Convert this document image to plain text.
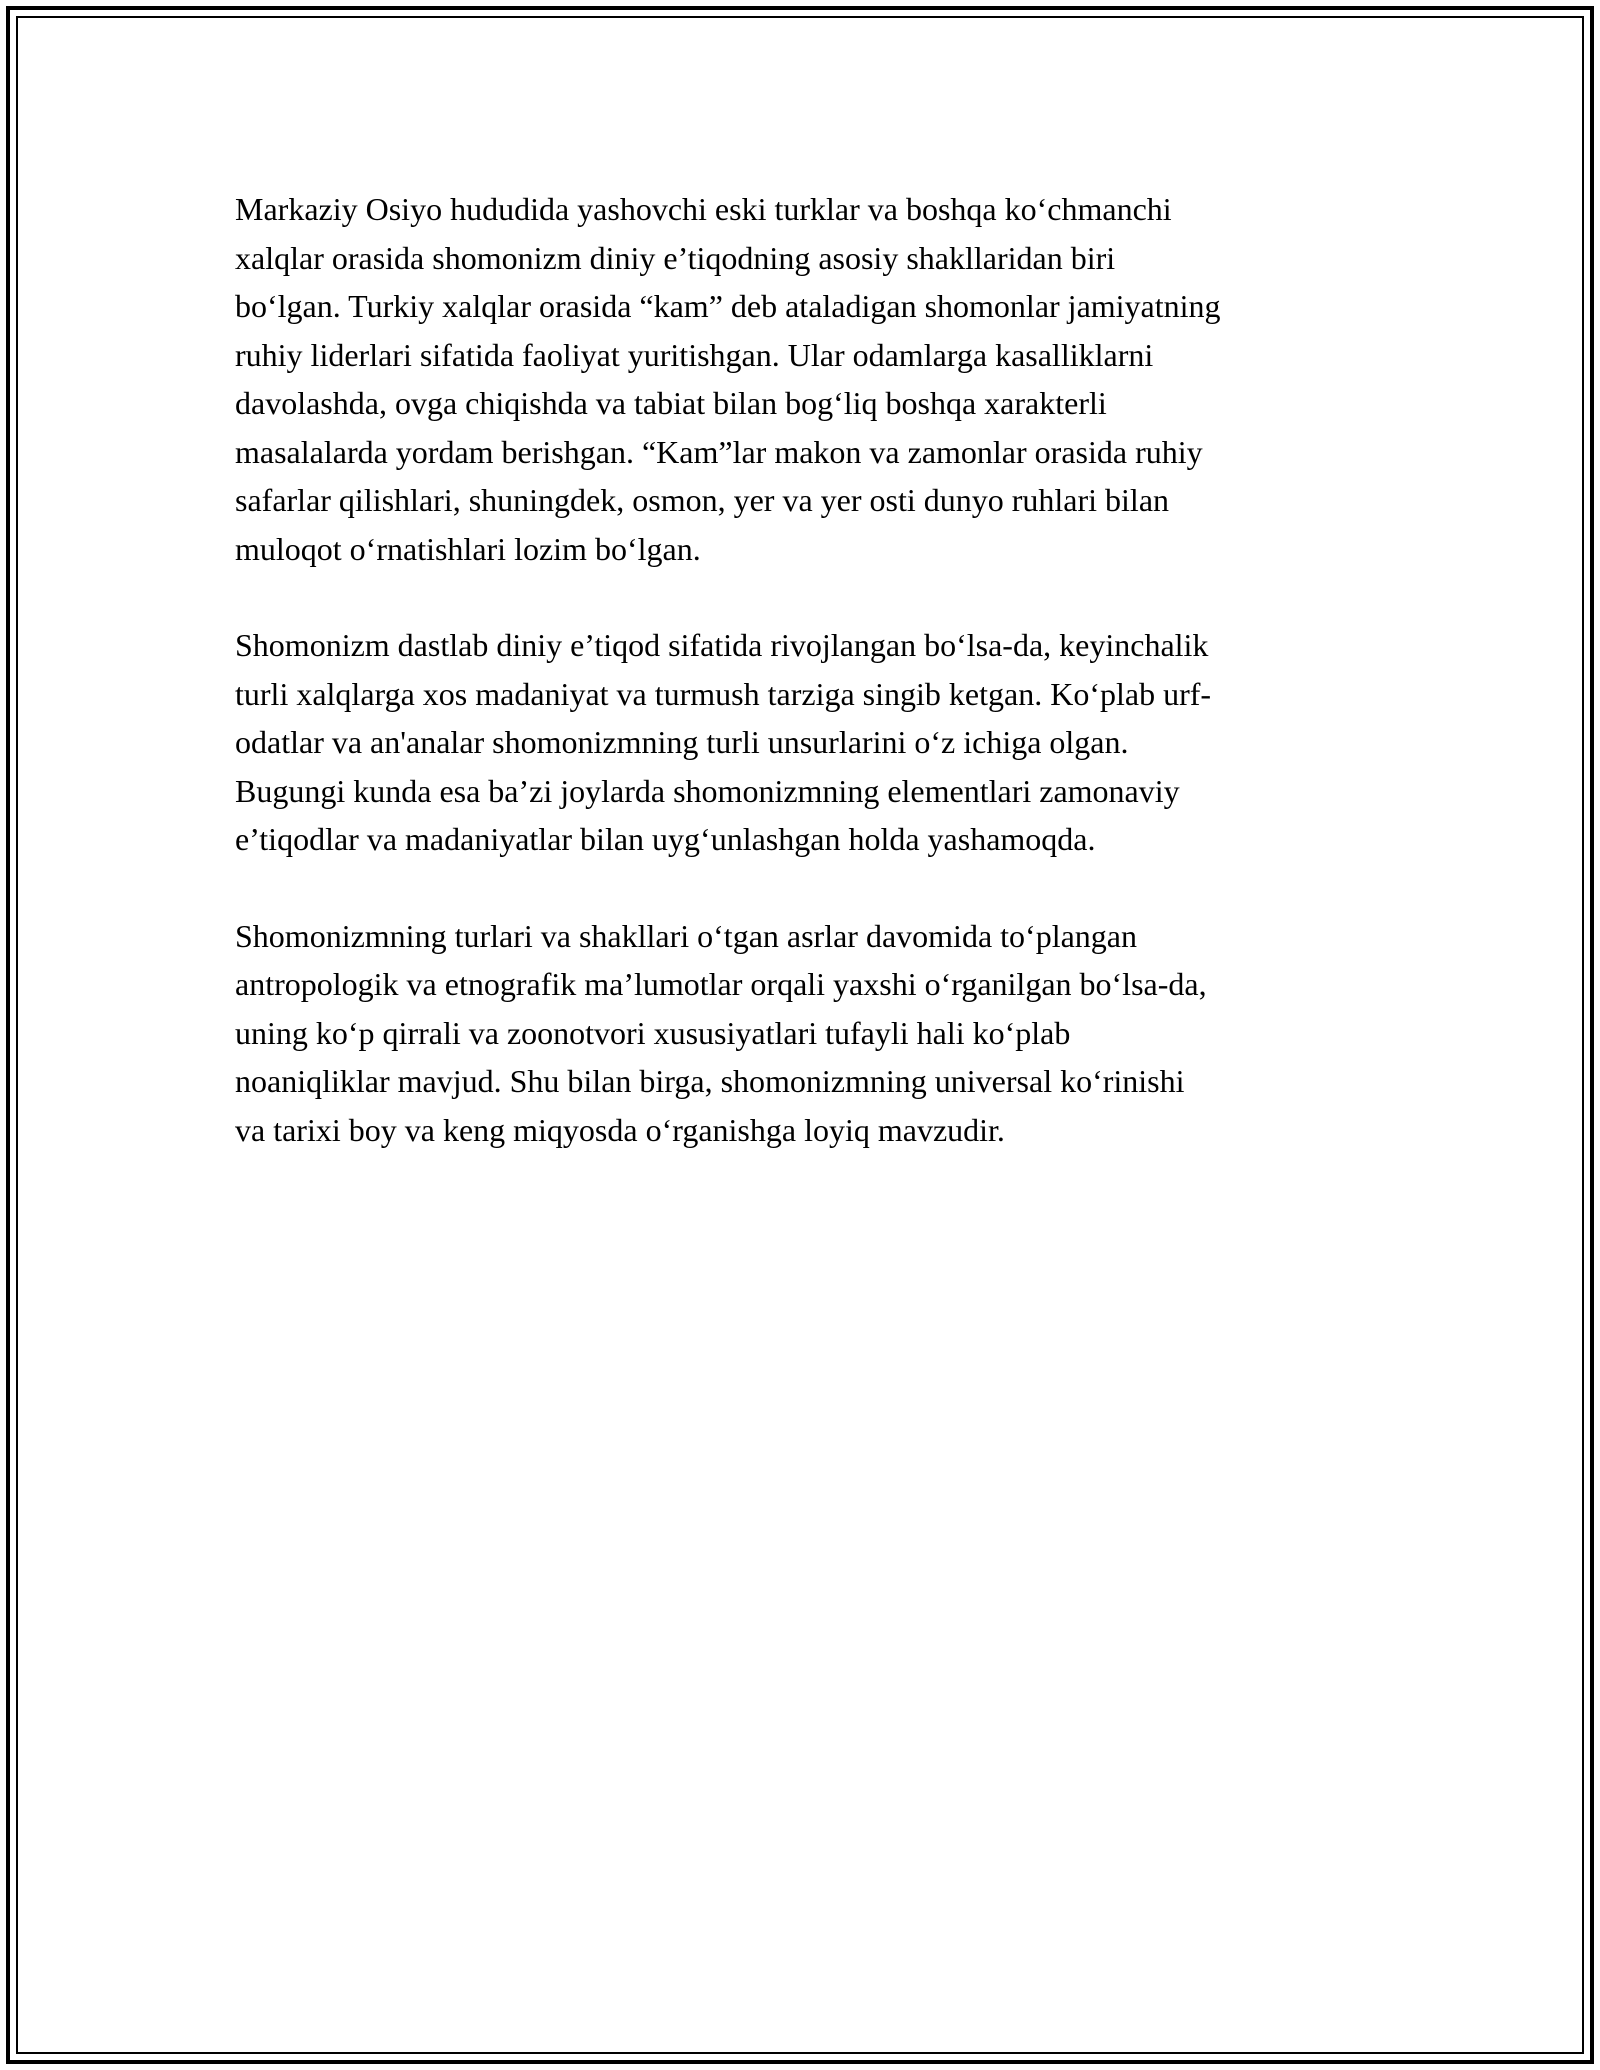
Markaziy Osiyo hududida yashovchi eski turklar va boshqa ko‘chmanchi
xalqlar orasida shomonizm diniy e’tiqodning asosiy shakllaridan biri
bo‘lgan. Turkiy xalqlar orasida “kam” deb ataladigan shomonlar jamiyatning
ruhiy liderlari sifatida faoliyat yuritishgan. Ular odamlarga kasalliklarni
davolashda, ovga chiqishda va tabiat bilan bog‘liq boshqa xarakterli
masalalarda yordam berishgan. “Kam”lar makon va zamonlar orasida ruhiy
safarlar qilishlari, shuningdek, osmon, yer va yer osti dunyo ruhlari bilan
muloqot o‘rnatishlari lozim bo‘lgan.

Shomonizm dastlab diniy e’tiqod sifatida rivojlangan bo‘lsa-da, keyinchalik
turli xalqlarga xos madaniyat va turmush tarziga singib ketgan. Ko‘plab urf-
odatlar va an'analar shomonizmning turli unsurlarini o‘z ichiga olgan.
Bugungi kunda esa ba’zi joylarda shomonizmning elementlari zamonaviy
e’tiqodlar va madaniyatlar bilan uyg‘unlashgan holda yashamoqda.

Shomonizmning turlari va shakllari o‘tgan asrlar davomida to‘plangan
antropologik va etnografik ma’lumotlar orqali yaxshi o‘rganilgan bo‘lsa-da,
uning ko‘p qirrali va zoonotvori xususiyatlari tufayli hali ko‘plab
noaniqliklar mavjud. Shu bilan birga, shomonizmning universal ko‘rinishi
va tarixi boy va keng miqyosda o‘rganishga loyiq mavzudir.
